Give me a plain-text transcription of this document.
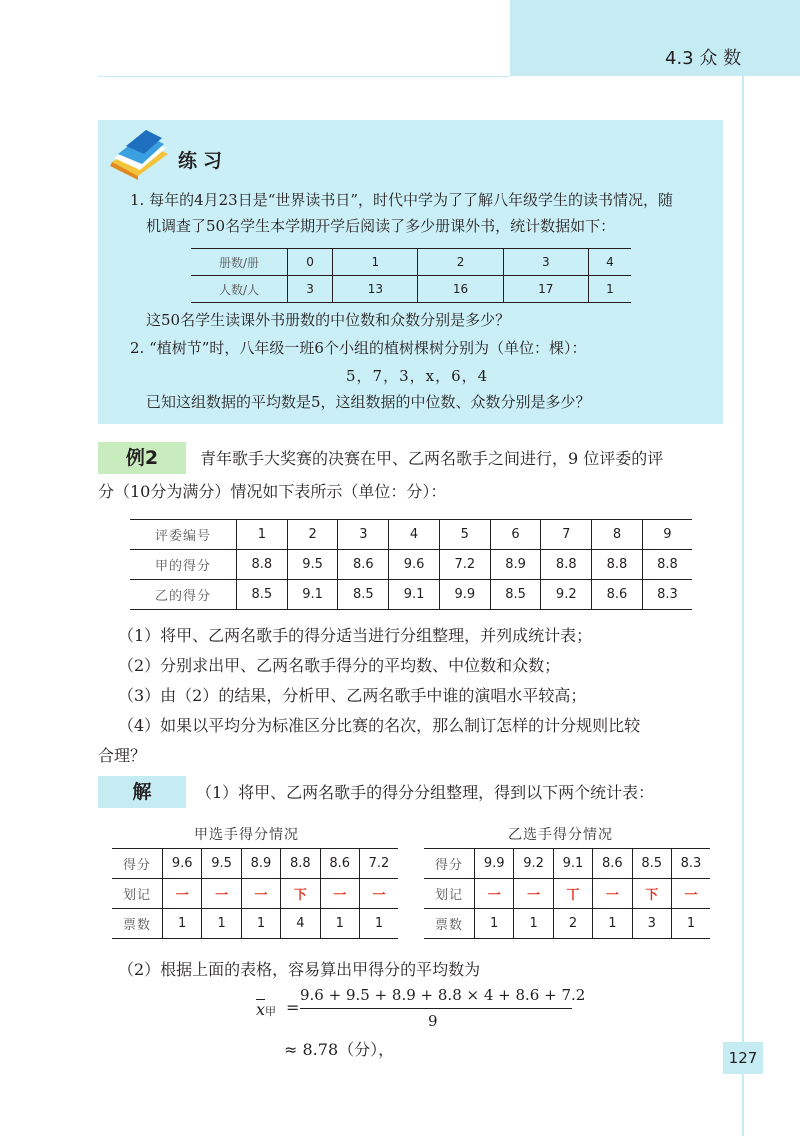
4.3 众 数
练习
1. 每年的4月23日是“世界读书日”，时代中学为了了解八年级学生的读书情况，随
机调查了50名学生本学期开学后阅读了多少册课外书，统计数据如下：
册数/册	0	1	2	3	4
人数/人	3	13	16	17	1
这50名学生读课外书册数的中位数和众数分别是多少？
2. “植树节”时，八年级一班6个小组的植树棵树分别为（单位：棵）：
5，7，3，x，6，4
已知这组数据的平均数是5，这组数据的中位数、众数分别是多少？
例2	青年歌手大奖赛的决赛在甲、乙两名歌手之间进行，9 位评委的评
分（10分为满分）情况如下表所示（单位：分）：
评委编号	1	2	3	4	5	6	7	8	9
甲的得分	8.8	9.5	8.6	9.6	7.2	8.9	8.8	8.8	8.8
乙的得分	8.5	9.1	8.5	9.1	9.9	8.5	9.2	8.6	8.3
（1）将甲、乙两名歌手的得分适当进行分组整理，并列成统计表；
（2）分别求出甲、乙两名歌手得分的平均数、中位数和众数；
（3）由（2）的结果，分析甲、乙两名歌手中谁的演唱水平较高；
（4）如果以平均分为标准区分比赛的名次，那么制订怎样的计分规则比较
合理？
解	（1）将甲、乙两名歌手的得分分组整理，得到以下两个统计表：
甲选手得分情况	乙选手得分情况
得分	9.6	9.5	8.9	8.8	8.6	7.2
划记	一	一	一	下	一	一
票数	1	1	1	4	1	1
得分	9.9	9.2	9.1	8.6	8.5	8.3
划记	一	一	丅	一	下	一
票数	1	1	2	1	3	1
（2）根据上面的表格，容易算出甲得分的平均数为
$\overline{x}$甲 =
9.6 + 9.5 + 8.9 + 8.8 × 4 + 8.6 + 7.2
9
≈ 8.78（分），	127
